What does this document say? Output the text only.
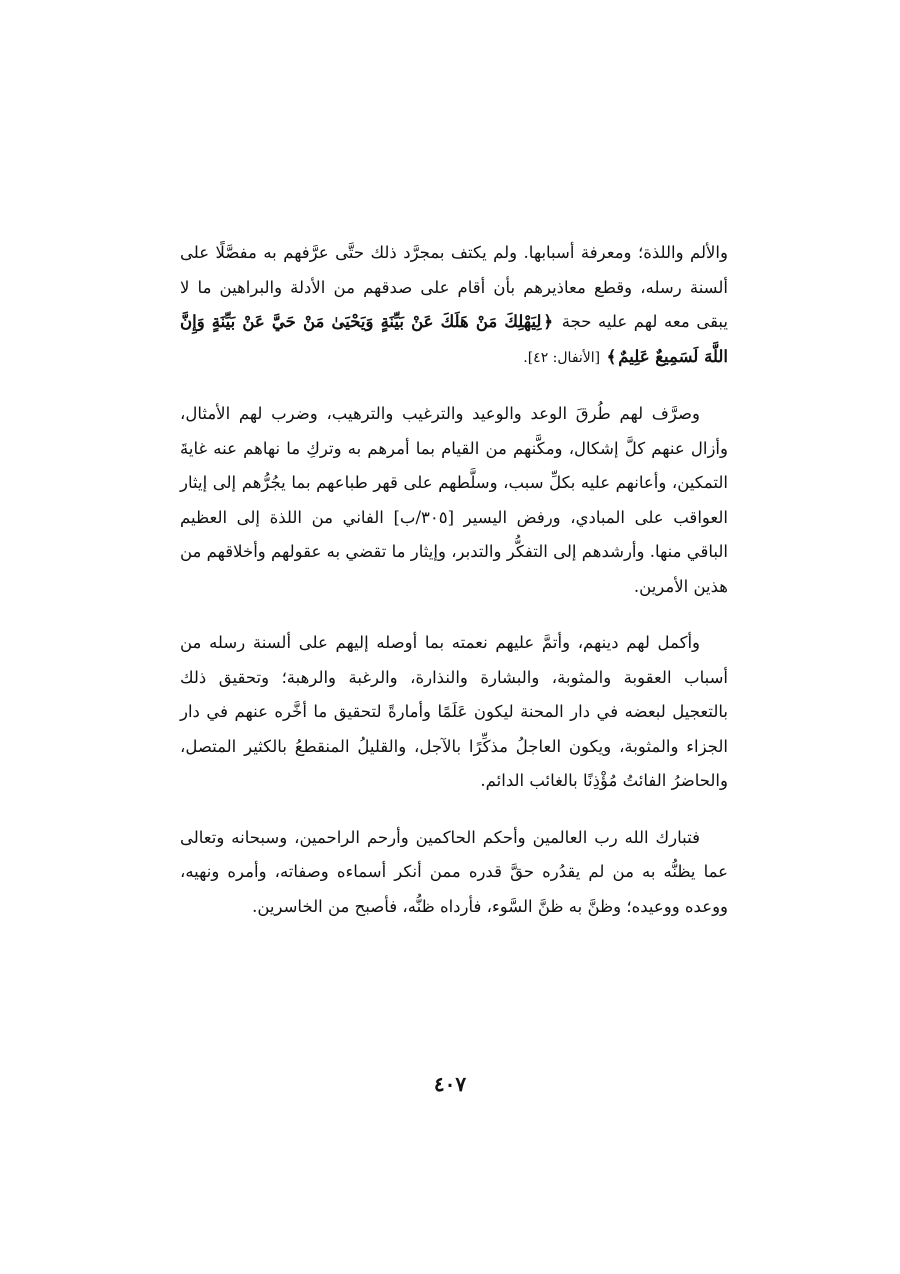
والألم واللذة؛ ومعرفة أسبابها. ولم يكتف بمجرَّد ذلك حتَّى عرَّفهم به مفصَّلًا على ألسنة رسله، وقطع معاذيرهم بأن أقام على صدقهم من الأدلة والبراهين ما لا يبقى معه لهم عليه حجة ﴿لِيَهْلِكَ مَنْ هَلَكَ عَنْ بَيِّنَةٍ وَيَحْيَىٰ مَنْ حَيَّ عَنْ بَيِّنَةٍ وَإِنَّ اللَّهَ لَسَمِيعٌ عَلِيمٌ﴾ [الأنفال: ٤٢].

وصرَّف لهم طُرقَ الوعد والوعيد والترغيب والترهيب، وضرب لهم الأمثال، وأزال عنهم كلَّ إشكال، ومكَّنهم من القيام بما أمرهم به وتركِ ما نهاهم عنه غايةَ التمكين، وأعانهم عليه بكلِّ سبب، وسلَّطهم على قهر طباعهم بما يجُرُّهم إلى إيثار العواقب على المبادي، ورفض اليسير [٣٠٥/ب] الفاني من اللذة إلى العظيم الباقي منها. وأرشدهم إلى التفكُّر والتدبر، وإيثار ما تقضي به عقولهم وأخلاقهم من هذين الأمرين.

وأكمل لهم دينهم، وأتمَّ عليهم نعمته بما أوصله إليهم على ألسنة رسله من أسباب العقوبة والمثوبة، والبشارة والنذارة، والرغبة والرهبة؛ وتحقيق ذلك بالتعجيل لبعضه في دار المحنة ليكون عَلَمًا وأمارةً لتحقيق ما أخَّره عنهم في دار الجزاء والمثوبة، ويكون العاجلُ مذكِّرًا بالآجل، والقليلُ المنقطعُ بالكثير المتصل، والحاضرُ الفائتُ مُؤْذِنًا بالغائب الدائم.

فتبارك الله رب العالمين وأحكم الحاكمين وأرحم الراحمين، وسبحانه وتعالى عما يظنُّه به من لم يقدُره حقَّ قدره ممن أنكر أسماءه وصفاته، وأمره ونهيه، ووعده ووعيده؛ وظنَّ به ظنَّ السَّوء، فأرداه ظنُّه، فأصبح من الخاسرين.

٤٠٧
